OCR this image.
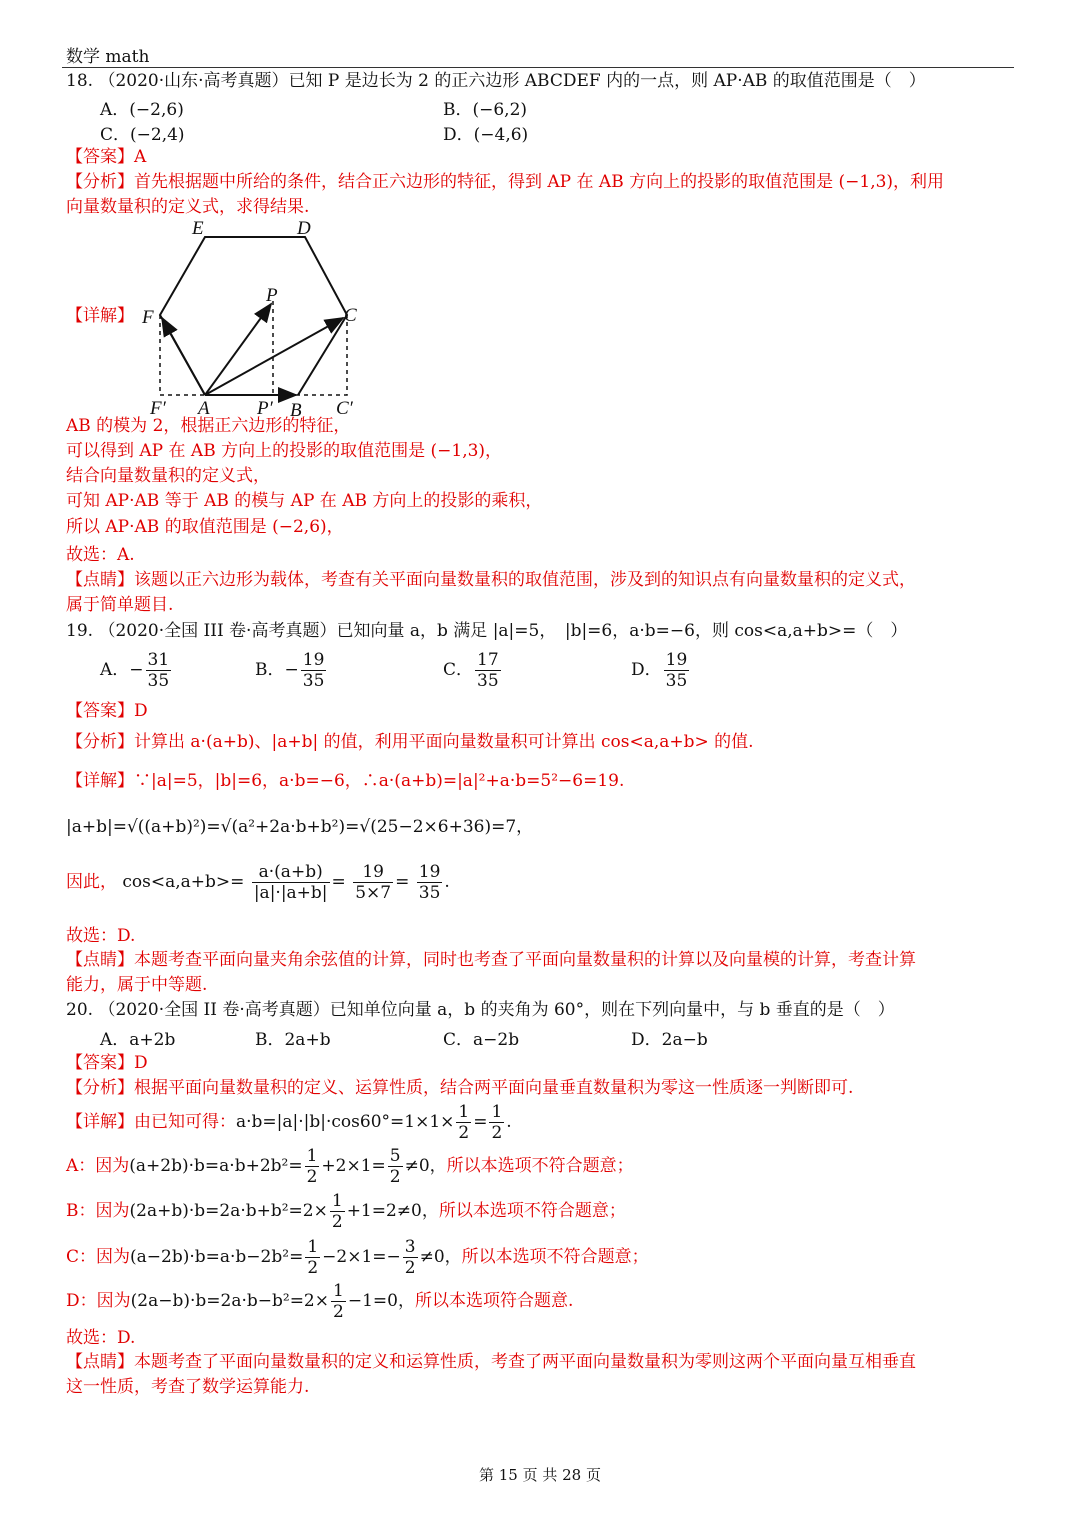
数学 math
18. （2020·山东·高考真题）已知 P 是边长为 2 的正六边形 ABCDEF 内的一点，则 AP·AB 的取值范围是（　）
A．(−2,6)	B．(−6,2)
C．(−2,4)	D．(−4,6)
【答案】A
【分析】首先根据题中所给的条件，结合正六边形的特征，得到 AP 在 AB 方向上的投影的取值范围是 (−1,3)，利用
向量数量积的定义式，求得结果.
【详解】
E	D
F	C
P
F′ A P′ B C′
AB 的模为 2，根据正六边形的特征，
可以得到 AP 在 AB 方向上的投影的取值范围是 (−1,3)，
结合向量数量积的定义式，
可知 AP·AB 等于 AB 的模与 AP 在 AB 方向上的投影的乘积，
所以 AP·AB 的取值范围是 (−2,6)，
故选：A.
【点睛】该题以正六边形为载体，考查有关平面向量数量积的取值范围，涉及到的知识点有向量数量积的定义式，
属于简单题目.
19. （2020·全国 III 卷·高考真题）已知向量 a，b 满足 |a|=5，　|b|=6，a·b=−6，则 cos<a,a+b>=（　）
A．− $\frac{31}{35}$	B．− $\frac{19}{35}$	C． $\frac{17}{35}$	D． $\frac{19}{35}$
【答案】D
【分析】计算出 a·(a+b)、|a+b| 的值，利用平面向量数量积可计算出 cos<a,a+b> 的值.
【详解】∵|a|=5，|b|=6，a·b=−6，∴a·(a+b)=|a|²+a·b=5²−6=19.
|a+b|=√((a+b)²)=√(a²+2a·b+b²)=√(25−2×6+36)=7，
因此， $\cos<a,a+b>= \frac{a\cdot(a+b)}{|a|\cdot|a+b|} = \frac{19}{5\times 7} = \frac{19}{35}$ .
故选：D.
【点睛】本题考查平面向量夹角余弦值的计算，同时也考查了平面向量数量积的计算以及向量模的计算，考查计算
能力，属于中等题.
20. （2020·全国 II 卷·高考真题）已知单位向量 a，b 的夹角为 60°，则在下列向量中，与 b 垂直的是（　）
A．a+2b	B．2a+b	C．a−2b	D．2a−b
【答案】D
【分析】根据平面向量数量积的定义、运算性质，结合两平面向量垂直数量积为零这一性质逐一判断即可.
【详解】由已知可得：$a\cdot b=|a|\cdot|b|\cdot\cos 60^\circ=1\times 1\times \frac{1}{2} = \frac{1}{2}$ .
A：因为$(a+2b)\cdot b=a\cdot b+2b^2= \frac{1}{2} +2\times 1= \frac{5}{2} \ne 0$，所以本选项不符合题意；
B：因为$(2a+b)\cdot b=2a\cdot b+b^2=2\times \frac{1}{2} +1=2\ne 0$，所以本选项不符合题意；
C：因为$(a-2b)\cdot b=a\cdot b-2b^2= \frac{1}{2} -2\times 1=- \frac{3}{2} \ne 0$，所以本选项不符合题意；
D：因为$(2a-b)\cdot b=2a\cdot b-b^2=2\times \frac{1}{2} -1=0$，所以本选项符合题意.
故选：D.
【点睛】本题考查了平面向量数量积的定义和运算性质，考查了两平面向量数量积为零则这两个平面向量互相垂直
这一性质，考查了数学运算能力.
第 15 页 共 28 页
